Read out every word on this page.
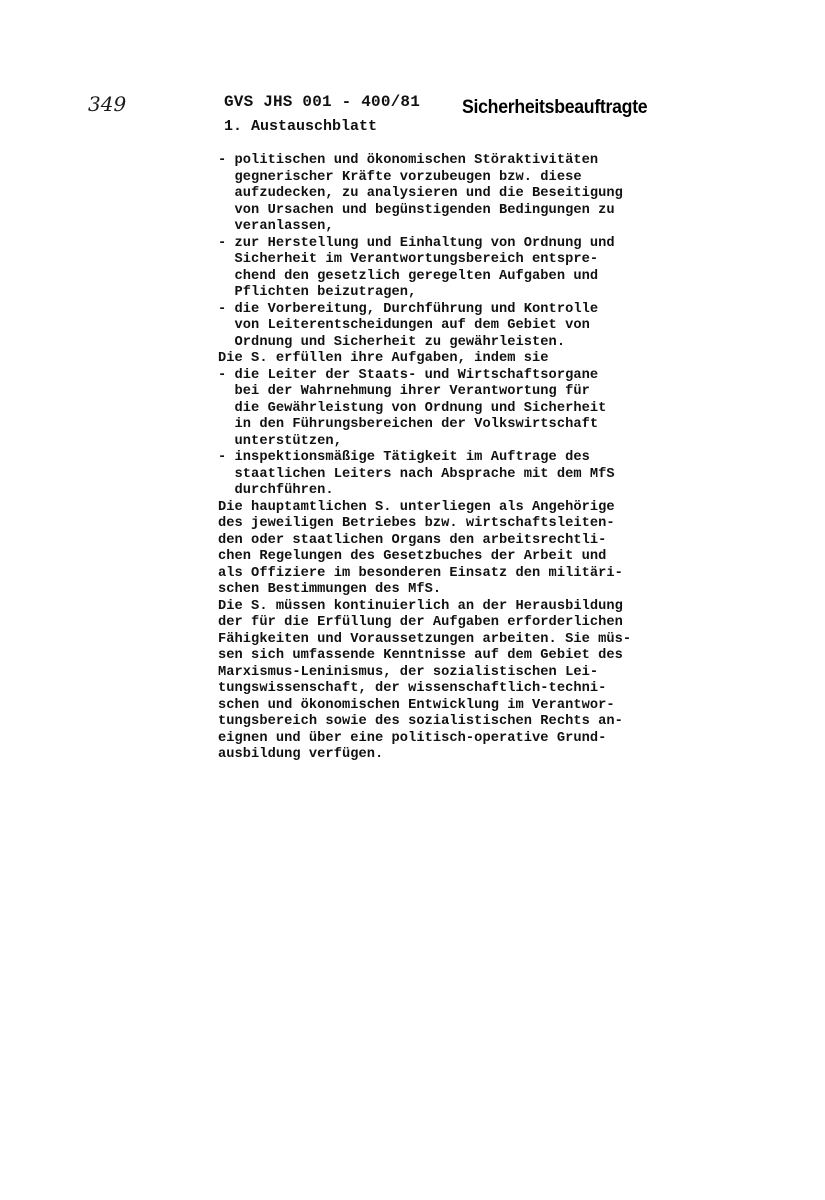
349	GVS JHS 001 - 400/81
1. Austauschblatt
Sicherheitsbeauftragte
- politischen und ökonomischen Störaktivitäten
gegnerischer Kräfte vorzubeugen bzw. diese
aufzudecken, zu analysieren und die Beseitigung
von Ursachen und begünstigenden Bedingungen zu
veranlassen,
- zur Herstellung und Einhaltung von Ordnung und
Sicherheit im Verantwortungsbereich entspre-
chend den gesetzlich geregelten Aufgaben und
Pflichten beizutragen,
- die Vorbereitung, Durchführung und Kontrolle
von Leiterentscheidungen auf dem Gebiet von
Ordnung und Sicherheit zu gewährleisten.
Die S. erfüllen ihre Aufgaben, indem sie
- die Leiter der Staats- und Wirtschaftsorgane
bei der Wahrnehmung ihrer Verantwortung für
die Gewährleistung von Ordnung und Sicherheit
in den Führungsbereichen der Volkswirtschaft
unterstützen,
- inspektionsmäßige Tätigkeit im Auftrage des
staatlichen Leiters nach Absprache mit dem MfS
durchführen.
Die hauptamtlichen S. unterliegen als Angehörige
des jeweiligen Betriebes bzw. wirtschaftsleiten-
den oder staatlichen Organs den arbeitsrechtli-
chen Regelungen des Gesetzbuches der Arbeit und
als Offiziere im besonderen Einsatz den militäri-
schen Bestimmungen des MfS.
Die S. müssen kontinuierlich an der Herausbildung
der für die Erfüllung der Aufgaben erforderlichen
Fähigkeiten und Voraussetzungen arbeiten. Sie müs-
sen sich umfassende Kenntnisse auf dem Gebiet des
Marxismus-Leninismus, der sozialistischen Lei-
tungswissenschaft, der wissenschaftlich-techni-
schen und ökonomischen Entwicklung im Verantwor-
tungsbereich sowie des sozialistischen Rechts an-
eignen und über eine politisch-operative Grund-
ausbildung verfügen.
